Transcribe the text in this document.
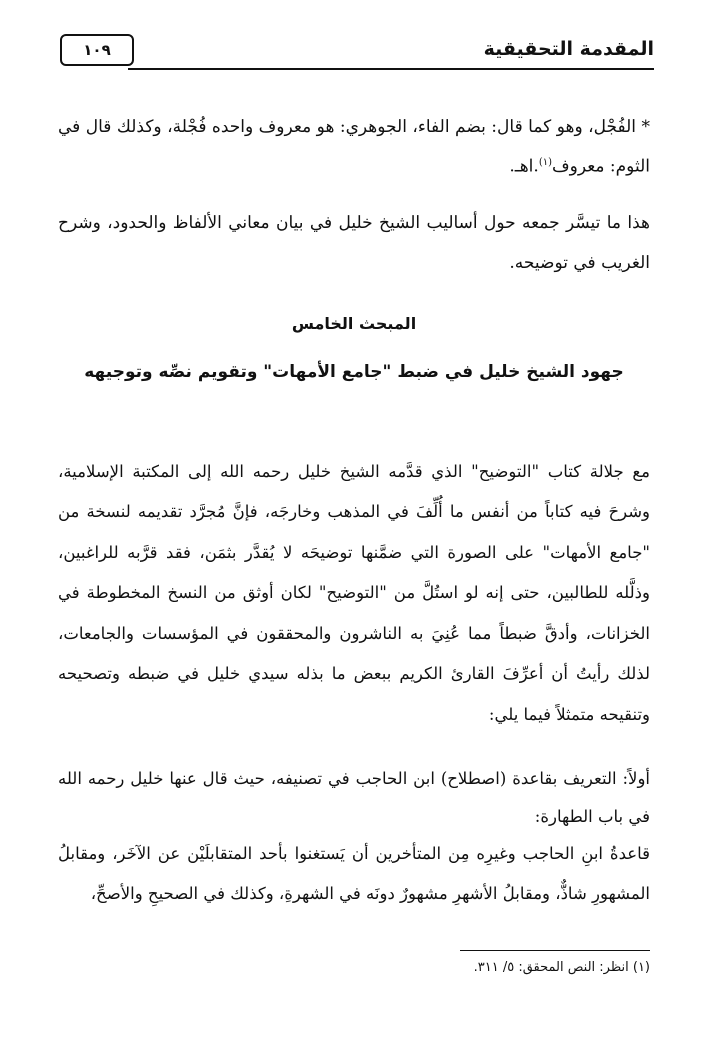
١٠٩	المقدمة التحقيقية

* الفُجْل، وهو كما قال: بضم الفاء، الجوهري: هو معروف واحده فُجْلة، وكذلك قال في الثوم: معروف$^{(١)}$.اهـ.

هذا ما تيسَّر جمعه حول أساليب الشيخ خليل في بيان معاني الألفاظ والحدود، وشرح الغريب في توضيحه.

المبحث الخامس
جهود الشيخ خليل في ضبط "جامع الأمهات" وتقويم نصِّه وتوجيهه

مع جلالة كتاب "التوضيح" الذي قدَّمه الشيخ خليل رحمه الله إلى المكتبة الإسلامية، وشرحَ فيه كتاباً من أنفس ما أُلِّفَ في المذهب وخارجَه، فإنَّ مُجرَّد تقديمه لنسخة من "جامع الأمهات" على الصورة التي ضمَّنها توضيحَه لا يُقدَّر بثمَن، فقد قرَّبه للراغبين، وذلَّله للطالبين، حتى إنه لو استُلَّ من "التوضيح" لكان أوثق من النسخ المخطوطة في الخزانات، وأدقَّ ضبطاً مما عُنِيَ به الناشرون والمحققون في المؤسسات والجامعات، لذلك رأيتُ أن أعرِّفَ القارئ الكريم ببعض ما بذله سيدي خليل في ضبطه وتصحيحه وتنقيحه متمثلاً فيما يلي:

أولاً: التعريف بقاعدة (اصطلاح) ابن الحاجب في تصنيفه، حيث قال عنها خليل رحمه الله في باب الطهارة:

قاعدةُ ابنِ الحاجب وغيرِه مِن المتأخرين أن يَستغنوا بأحد المتقابلَيْن عن الآخَر، ومقابلُ المشهورِ شاذٌّ، ومقابلُ الأشهرِ مشهورٌ دونَه في الشهرةِ، وكذلك في الصحيحِ والأصحِّ،

(١) انظر: النص المحقق: ٥/ ٣١١.
